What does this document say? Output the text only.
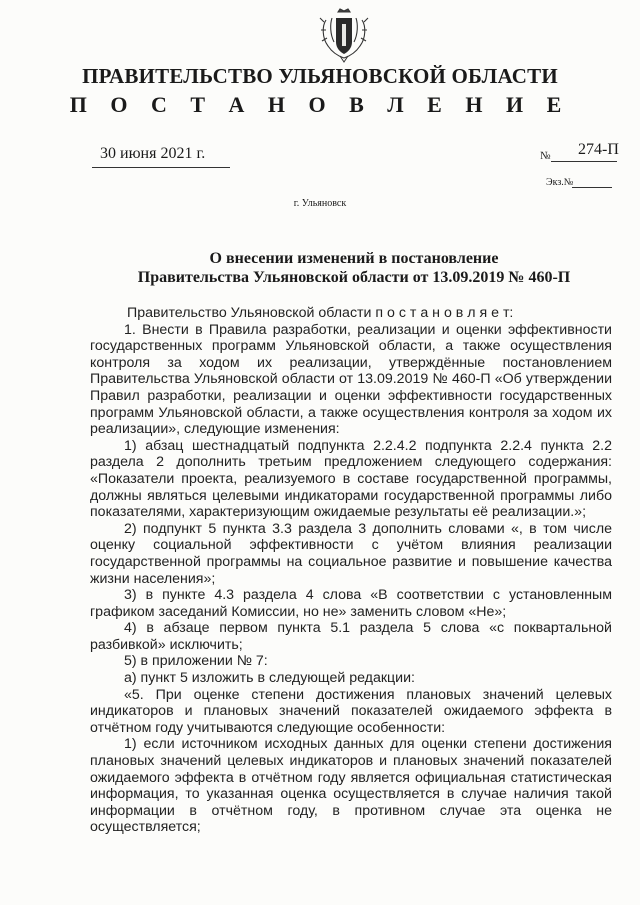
ПРАВИТЕЛЬСТВО УЛЬЯНОВСКОЙ ОБЛАСТИ
П О С Т А Н О В Л Е Н И Е
30 июня 2021 г.	№ 274-П
Экз.№
г. Ульяновск
О внесении изменений в постановление
Правительства Ульяновской области от 13.09.2019 № 460-П

Правительство Ульяновской области п о с т а н о в л я е т:

1. Внести в Правила разработки, реализации и оценки эффективности государственных программ Ульяновской области, а также осуществления контроля за ходом их реализации, утверждённые постановлением Правительства Ульяновской области от 13.09.2019 № 460-П «Об утверждении Правил разработки, реализации и оценки эффективности государственных программ Ульяновской области, а также осуществления контроля за ходом их реализации», следующие изменения:

1) абзац шестнадцатый подпункта 2.2.4.2 подпункта 2.2.4 пункта 2.2 раздела 2 дополнить третьим предложением следующего содержания: «Показатели проекта, реализуемого в составе государственной программы, должны являться целевыми индикаторами государственной программы либо показателями, характеризующим ожидаемые результаты её реализации.»;

2) подпункт 5 пункта 3.3 раздела 3 дополнить словами «, в том числе оценку социальной эффективности с учётом влияния реализации государственной программы на социальное развитие и повышение качества жизни населения»;

3) в пункте 4.3 раздела 4 слова «В соответствии с установленным графиком заседаний Комиссии, но не» заменить словом «Не»;

4) в абзаце первом пункта 5.1 раздела 5 слова «с поквартальной разбивкой» исключить;

5) в приложении № 7:

а) пункт 5 изложить в следующей редакции:

«5. При оценке степени достижения плановых значений целевых индикаторов и плановых значений показателей ожидаемого эффекта в отчётном году учитываются следующие особенности:

1) если источником исходных данных для оценки степени достижения плановых значений целевых индикаторов и плановых значений показателей ожидаемого эффекта в отчётном году является официальная статистическая информация, то указанная оценка осуществляется в случае наличия такой информации в отчётном году, в противном случае эта оценка не осуществляется;
